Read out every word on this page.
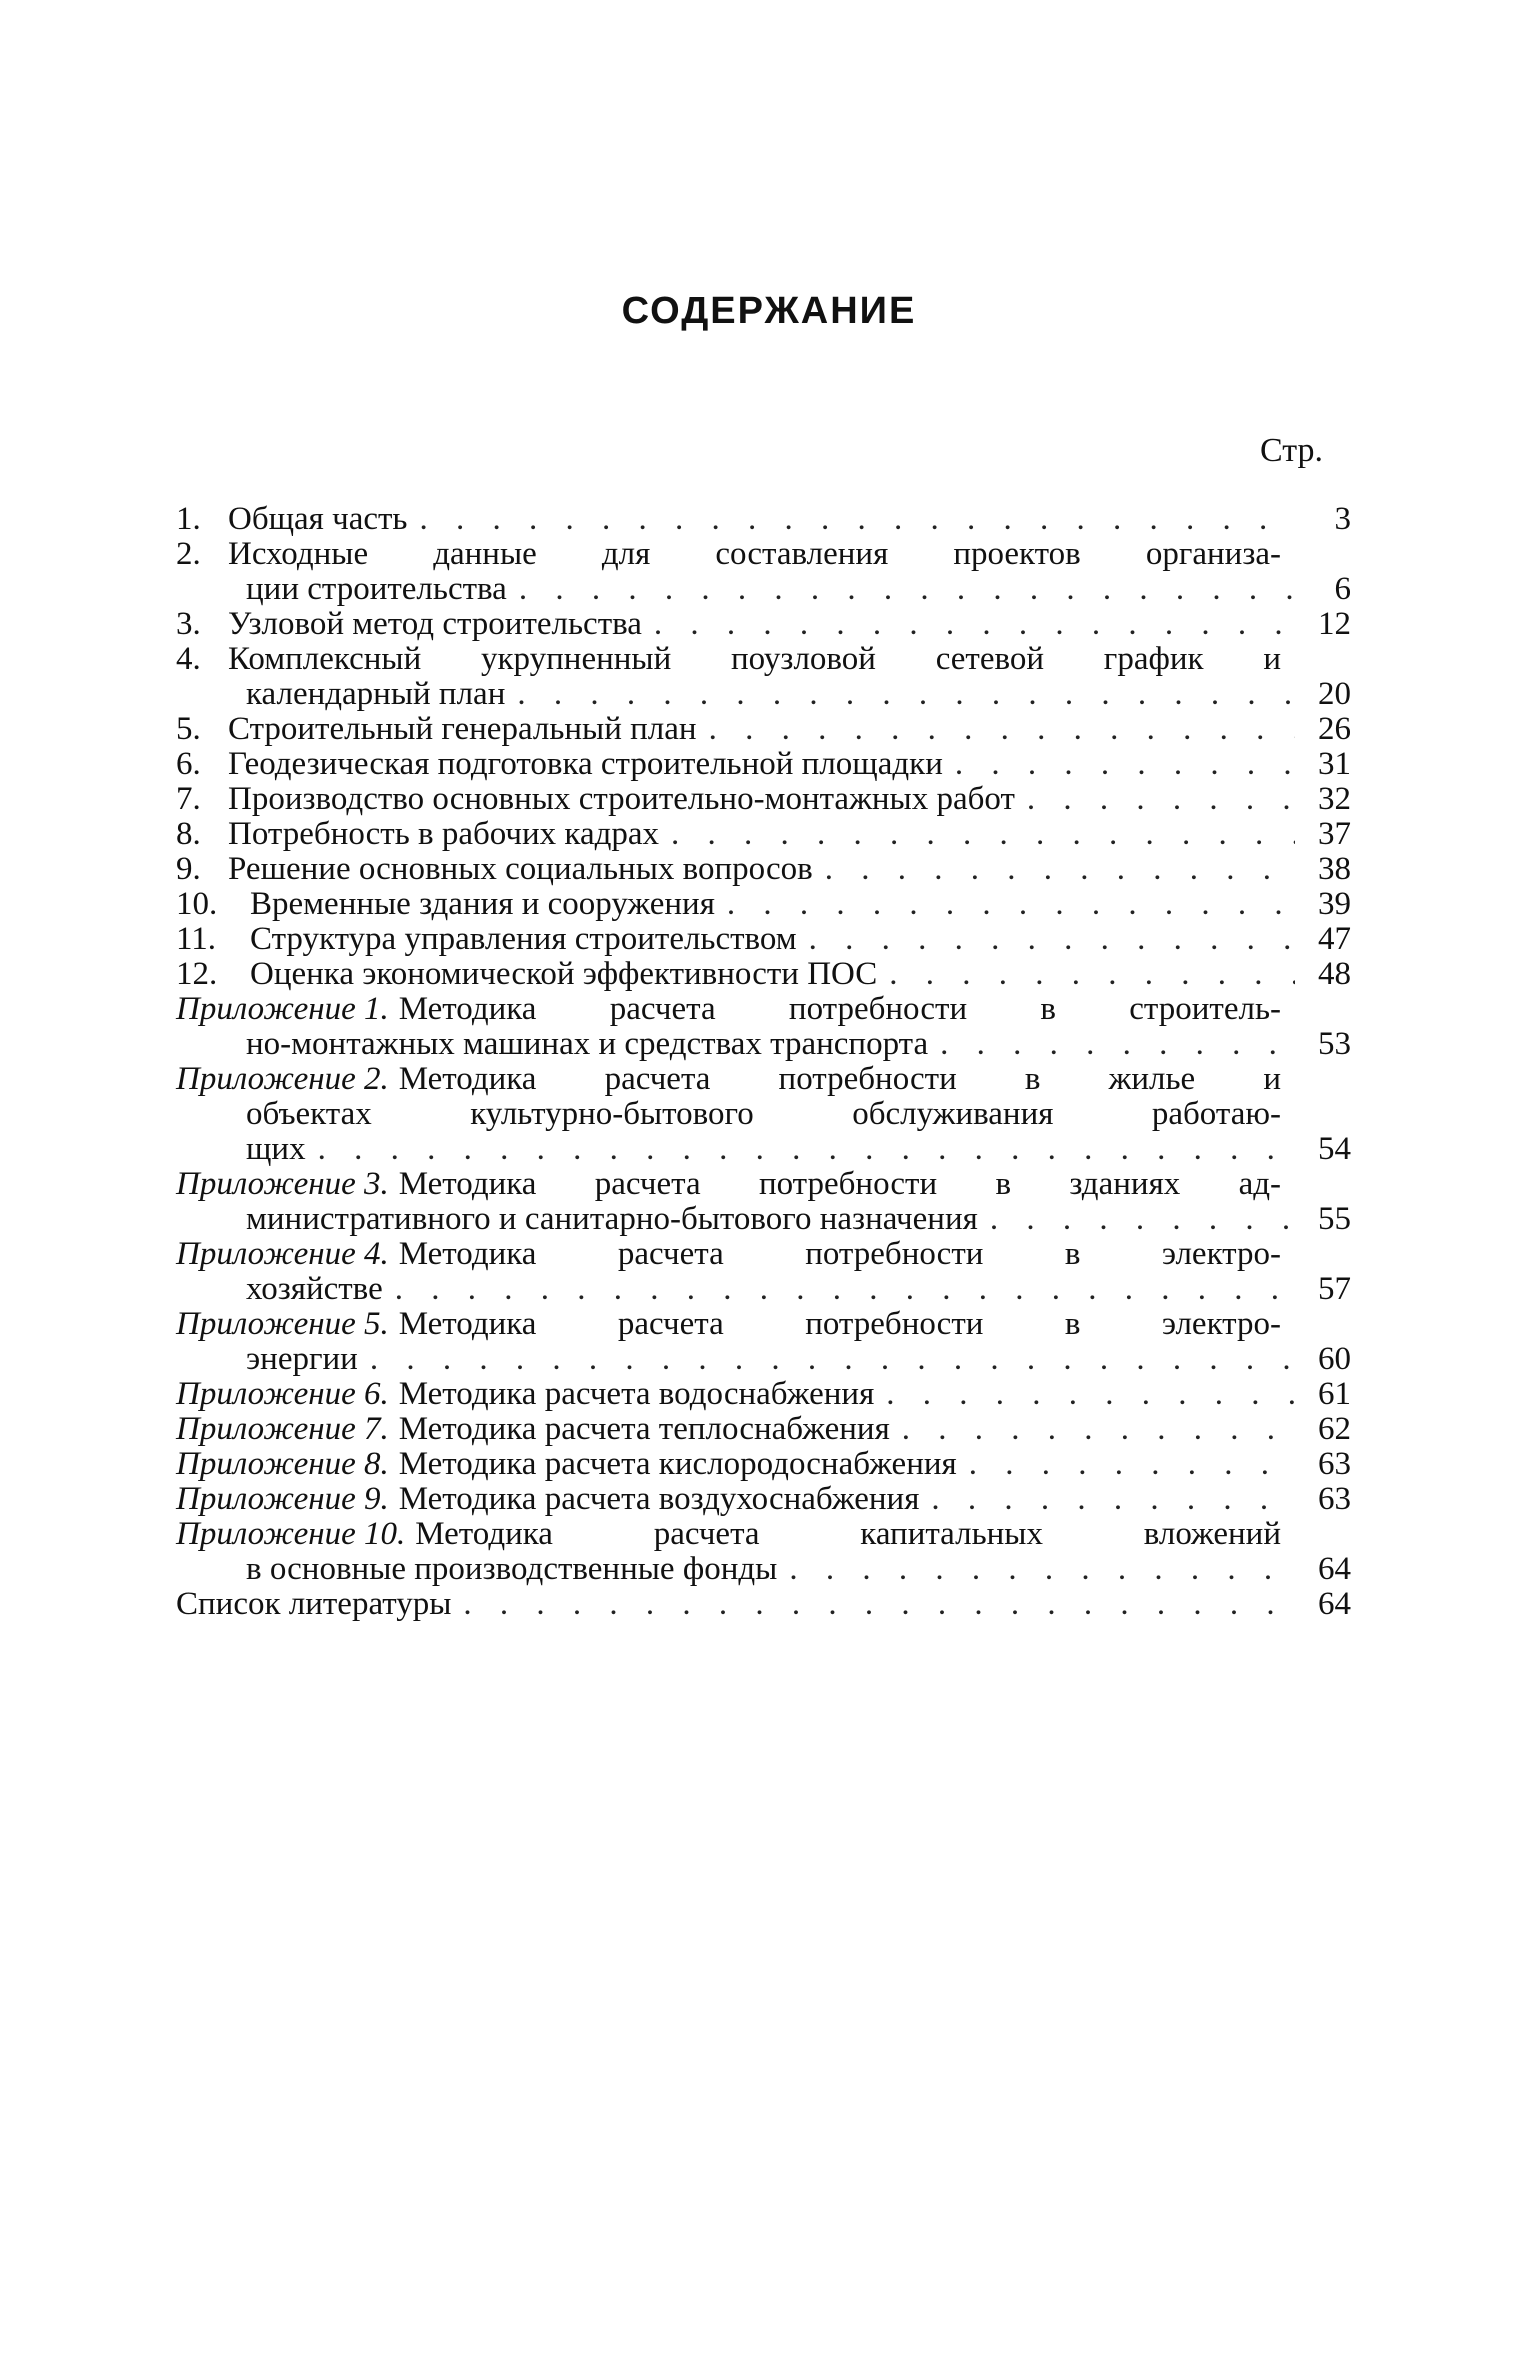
СОДЕРЖАНИЕ
Стр.
1. Общая часть . . .	3
2. Исходные данные для составления проектов организа-
ции строительства . . .	6
3. Узловой метод строительства . . .	12
4. Комплексный укрупненный поузловой сетевой график и
календарный план . . .	20
5. Строительный генеральный план . . .	26
6. Геодезическая подготовка строительной площадки . . .	31
7. Производство основных строительно-монтажных работ . . .	32
8. Потребность в рабочих кадрах . . .	37
9. Решение основных социальных вопросов . . .	38
10. Временные здания и сооружения . . .	39
11.	Структура управления строительством . . .	47
12. Оценка экономической эффективности ПОС . . .	48
Приложение 1. Методика расчета потребности в строитель-
но-монтажных машинах и средствах транспорта . . .	53
Приложение 2. Методика расчета потребности в жилье и
объектах культурно-бытового обслуживания работаю-
щих . . .	54
Приложение 3. Методика расчета потребности в зданиях ад-
министративного и санитарно-бытового назначения . . .	55
Приложение 4. Методика расчета потребности в электро-
хозяйстве . . .	57
Приложение 5. Методика расчета потребности в электро-
энергии . . .	60
Приложение 6. Методика расчета водоснабжения . . .	61
Приложение 7. Методика расчета теплоснабжения . . .	62
Приложение 8. Методика расчета кислородоснабжения . . .	63
Приложение 9. Методика расчета воздухоснабжения . . .	63
Приложение 10. Методика расчета капитальных вложений
в основные производственные фонды . . .	64
Список литературы . . .	64
